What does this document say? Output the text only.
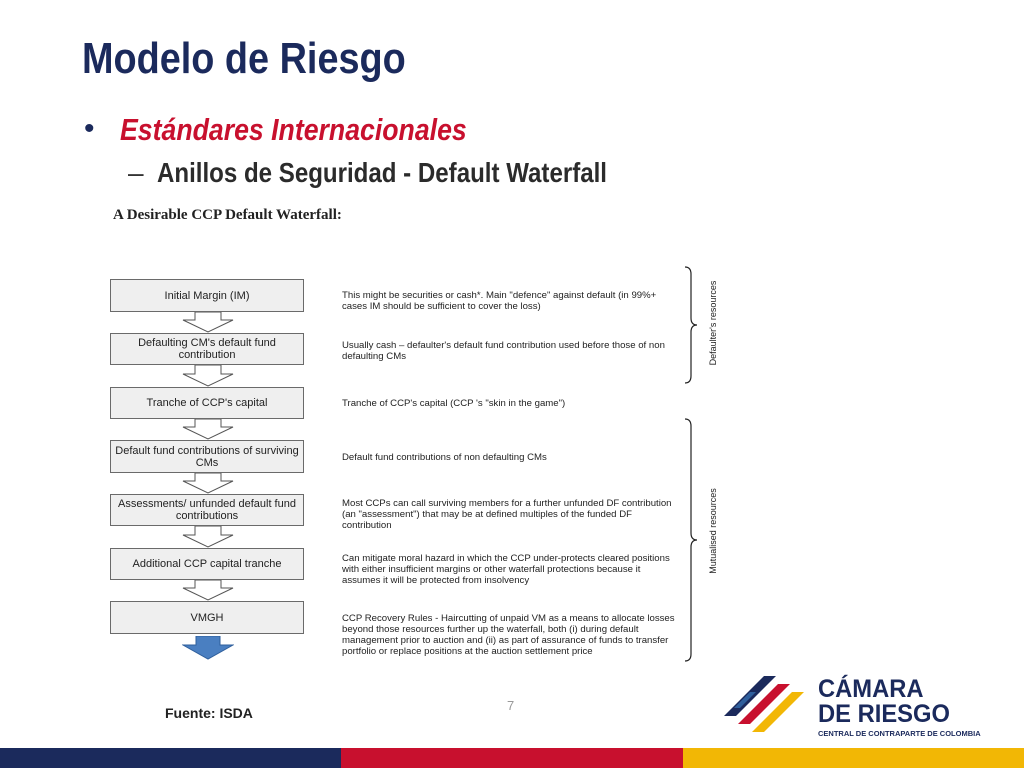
Modelo de Riesgo
• Estándares Internacionales
– Anillos de Seguridad - Default Waterfall
A Desirable CCP Default Waterfall:
Initial Margin (IM)
Defaulting CM's default fund contribution
Tranche of CCP's capital
Default fund contributions of surviving CMs
Assessments/ unfunded default fund contributions
Additional CCP capital tranche
VMGH
This might be securities or cash*. Main "defence" against default (in 99%+ cases IM should be sufficient to cover the loss)
Usually cash – defaulter's default fund contribution used before those of non defaulting CMs
Tranche of CCP's capital (CCP 's "skin in the game")
Default fund contributions of non defaulting CMs
Most CCPs can call surviving members for a further unfunded DF contribution (an "assessment") that may be at defined multiples of the funded DF contribution
Can mitigate moral hazard in which the CCP under-protects cleared positions with either insufficient margins or other waterfall protections because it assumes it will be protected from insolvency
CCP Recovery Rules - Haircutting of unpaid VM as a means to allocate losses beyond those resources further up the waterfall, both (i) during default management prior to auction and (ii) as part of assurance of funds to transfer portfolio or replace positions at the auction settlement price
Defaulter's resources
Mutualised resources
Fuente: ISDA	7
CÁMARA
DE RIESGO
CENTRAL DE CONTRAPARTE DE COLOMBIA
